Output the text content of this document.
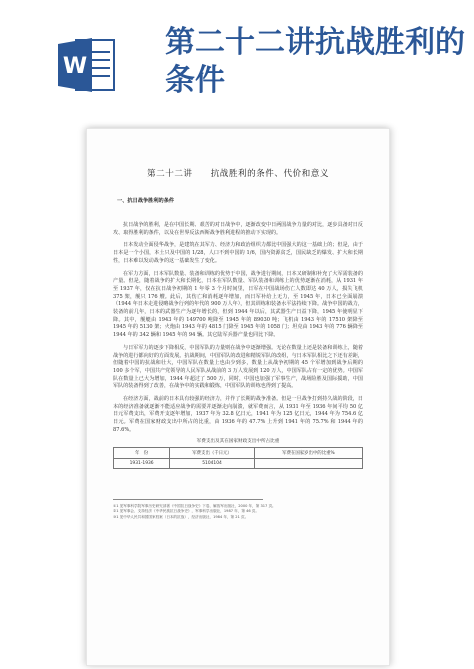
W
第二十二讲抗战胜利的条件
第二十二讲　　抗战胜利的条件、代价和意义
一、抗日战争胜利的条件

抗日战争的胜利，是在中国长期、艰苦的对日战争中，逐渐改变中日两国战争力量的对比，逐步具备对日反攻、取得胜利的条件，以及在世界反法西斯战争胜利进程的推动下实现的。

日本发动全面侵华战争，是建筑在其军力、经济力和政治组织力都比中国强大的这一基础上的；但是，由于日本是一个小国，本土只及中国的 1/28，人口不到中国的 1/6，国内资源贫乏，国民缺乏的爆发、扩大和长期性，日本难以发动战争的这一基础发生了变化。

在军力方面，日本军队数量、装备和训练的优势于中国，战争进行期间，日本又研制和补充了大军需装备的产量。但是，随着战争的扩大和长期化，日本在军队数量、军队装备和训练上的优势逐渐在消耗，从 1931 年至 1937 年，仅在抗日战争初期的 1 年零 3 个月时间里，日军在中国战场伤亡人数即达 40 万人，损失飞机 375 架，舰只 176 艘。此后，其伤亡和消耗逐年增加，而日军补给上无力，至 1945 年，日本已全面崩溃（1944 年日本走进侵略战争行列的年代的 900 万人年），但其训练和装备水平法持续下降。战争中国的战力，装备的前几年，日本的武器生产为逐年增长的，但到 1944 年以后，其武器生产日益下降，1945 年使明显下降。其中，舰艇由 1943 年的 149700 吨降至 1945 年的 89030 吨；飞机由 1943 年的 17510 架降至 1945 年的 5130 架；火炮由 1943 年的 4815 门降至 1945 年的 1058 门；坦克由 1943 年的 776 辆降至 1944 年的 342 辆和 1945 年的 94 辆。其它陆军兵器产量也同比下降。

与日军军力的逐步下降相反，中国军队的力量则在战争中逐渐增强。无论在数量上还是装备和训练上，随着战争的进行都向好的方面发展。抗战期间，中国军队的改进和精锐军队的改组，与日本军队相比之下还有差距，但随着中国的抗战和壮大，中国军队在数量上也由少到多，数量上从战争初期的 45 个军增加到战争后期的 100 多个军，中国共产党领导的人民军队从战前的 3 万人发展到 120 万人，中国军队占有一定的优势。中国军队在数量上已大为增加，1944 年超过了 500 万，同时，中国也加强了军事生产，战场险胜及国际援助，中国军队的装备得到了改善，在战争中的实践和锻炼，中国军队的训练也得到了提高。

在经济方面，战前的日本具有较强的经济力，并作了长期的战争准备。但是一旦战争打到持久战的阶段，日本的经济准备就逐渐不能适应战争的需要并逐渐走向崩溃，就军费而言，从 1931 年至 1936 年间平均 50 亿日元军费支出，军费开支逐年增加，1937 年为 32.8 亿日元，1941 年为 125 亿日元，1944 年为 754.6 亿日元。军费在国家财政支出中所占的比重，由 1936 年的 47.7% 上升到 1941 年的 75.7% 和 1944 年的 87.6%。

军费支出及其在国家财政支出中所占比重
年　份	军费支出（千日元）	军费在国家岁出中的比重%
1931-1936	5104104	
①1 见军事科学院军事历史研究部著《中国抗日战争史》下卷，解放军出版社，2000 年，第 317 页。
②1 见军事会、支持经济《中华民族抗日战争史》，军事科学出版社，1987 年，第 46 页。
③1 见中华人民共和国国家档案（日本的抗战），经济出版社，1984 年，第 21 页。
